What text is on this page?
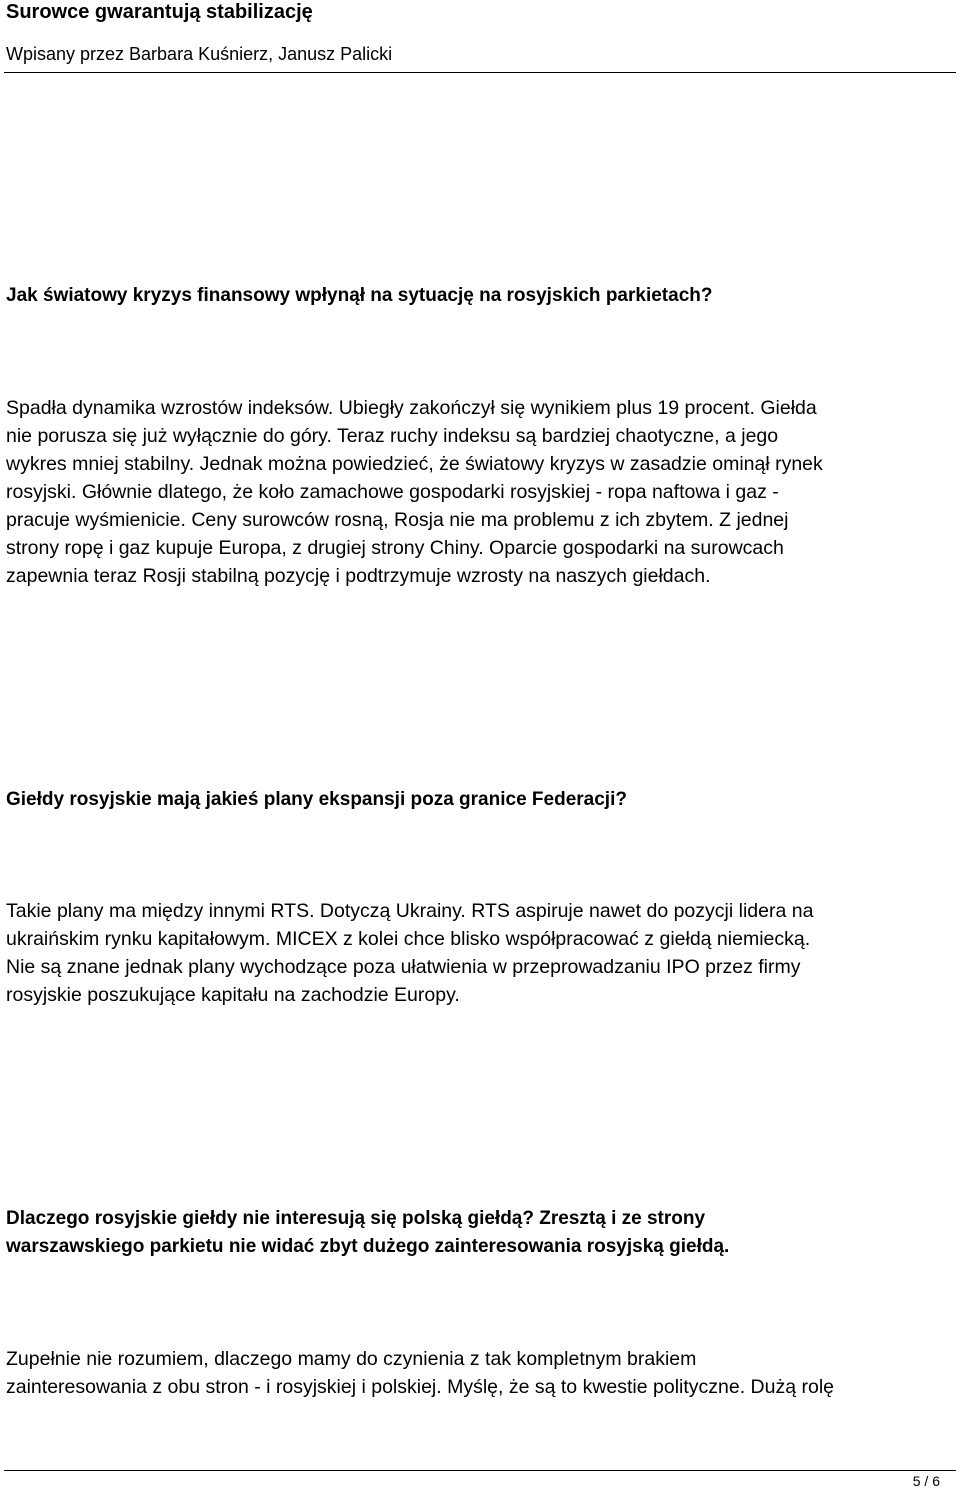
Surowce gwarantują stabilizację
Wpisany przez Barbara Kuśnierz, Janusz Palicki
Jak światowy kryzys finansowy wpłynął na sytuację na rosyjskich parkietach?
Spadła dynamika wzrostów indeksów. Ubiegły zakończył się wynikiem plus 19 procent. Giełda
nie porusza się już wyłącznie do góry. Teraz ruchy indeksu są bardziej chaotyczne, a jego
wykres mniej stabilny. Jednak można powiedzieć, że światowy kryzys w zasadzie ominął rynek
rosyjski. Głównie dlatego, że koło zamachowe gospodarki rosyjskiej - ropa naftowa i gaz -
pracuje wyśmienicie. Ceny surowców rosną, Rosja nie ma problemu z ich zbytem. Z jednej
strony ropę i gaz kupuje Europa, z drugiej strony Chiny. Oparcie gospodarki na surowcach
zapewnia teraz Rosji stabilną pozycję i podtrzymuje wzrosty na naszych giełdach.
Giełdy rosyjskie mają jakieś plany ekspansji poza granice Federacji?
Takie plany ma między innymi RTS. Dotyczą Ukrainy. RTS aspiruje nawet do pozycji lidera na
ukraińskim rynku kapitałowym. MICEX z kolei chce blisko współpracować z giełdą niemiecką.
Nie są znane jednak plany wychodzące poza ułatwienia w przeprowadzaniu IPO przez firmy
rosyjskie poszukujące kapitału na zachodzie Europy.
Dlaczego rosyjskie giełdy nie interesują się polską giełdą? Zresztą i ze strony
warszawskiego parkietu nie widać zbyt dużego zainteresowania rosyjską giełdą.
Zupełnie nie rozumiem, dlaczego mamy do czynienia z tak kompletnym brakiem
zainteresowania z obu stron - i rosyjskiej i polskiej. Myślę, że są to kwestie polityczne. Dużą rolę
5 / 6
